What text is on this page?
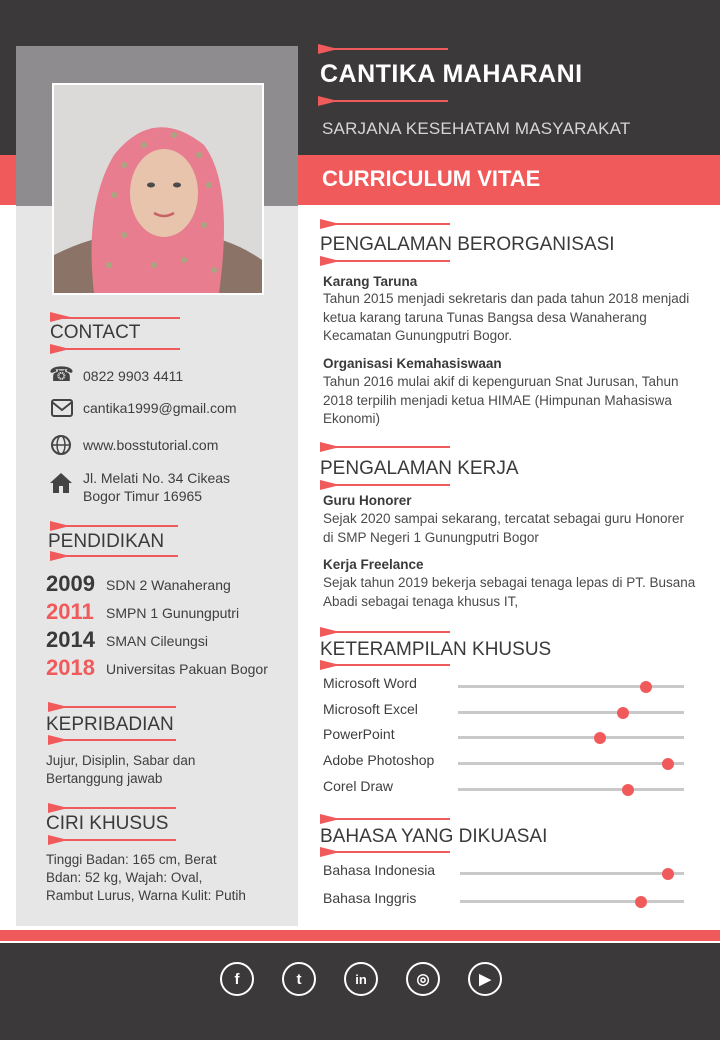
CANTIKA MAHARANI
SARJANA KESEHATAM MASYARAKAT
CURRICULUM VITAE
CONTACT
☎ 0822 9903 4411
cantika1999@gmail.com
www.bosstutorial.com
Jl. Melati No. 34 Cikeas
Bogor Timur 16965
PENDIDIKAN
KEPRIBADIAN
Jujur, Disiplin, Sabar dan
Bertanggung jawab
CIRI KHUSUS
Tinggi Badan: 165 cm, Berat
Bdan: 52 kg, Wajah: Oval,
Rambut Lurus, Warna Kulit: Putih
PENGALAMAN BERORGANISASI
Karang Taruna
Tahun 2015 menjadi sekretaris dan pada tahun 2018 menjadi ketua karang taruna Tunas Bangsa desa Wanaherang Kecamatan Gunungputri Bogor.
Organisasi Kemahasiswaan
Tahun 2016 mulai akif di kepenguruan Snat Jurusan, Tahun 2018 terpilih menjadi ketua HIMAE (Himpunan Mahasiswa Ekonomi)
PENGALAMAN KERJA
Guru Honorer
Sejak 2020 sampai sekarang, tercatat sebagai guru Honorer di SMP Negeri 1 Gunungputri Bogor
Kerja Freelance
Sejak tahun 2019 bekerja sebagai tenaga lepas di PT. Busana Abadi sebagai tenaga khusus IT,
KETERAMPILAN KHUSUS
BAHASA YANG DIKUASAI
2009 SDN 2 Wanaherang
2011 SMPN 1 Gunungputri
2014 SMAN Cileungsi
2018 Universitas Pakuan Bogor
Microsoft Word
Microsoft Excel
PowerPoint
Adobe Photoshop
Corel Draw
Bahasa Indonesia
Bahasa Inggris
f	t	in	◎	▶
